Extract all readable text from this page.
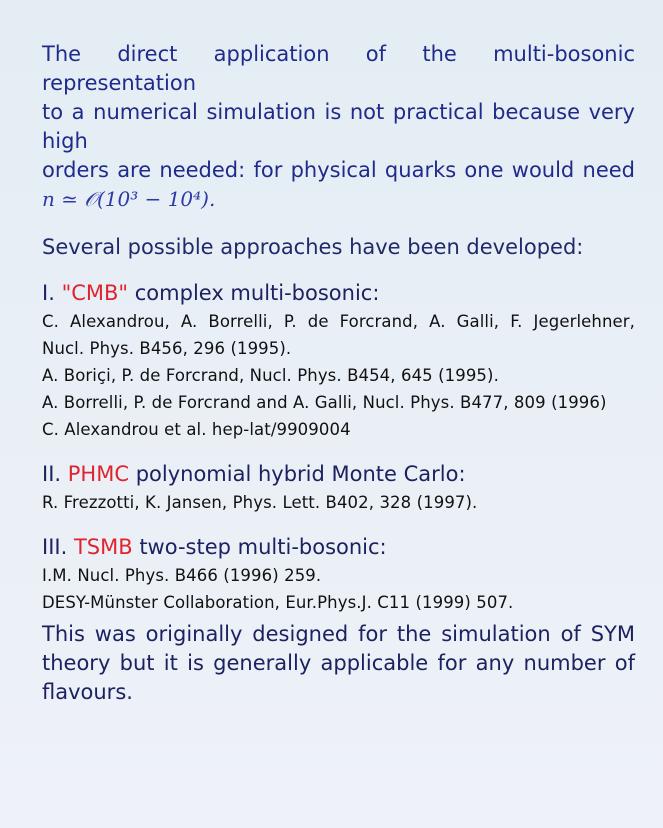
The direct application of the multi-bosonic representation
to a numerical simulation is not practical because very high
orders are needed: for physical quarks one would need
n ≃ 𝒪(10³ − 10⁴).

Several possible approaches have been developed:

I. "CMB" complex multi-bosonic:
C. Alexandrou, A. Borrelli, P. de Forcrand, A. Galli, F. Jegerlehner,
Nucl. Phys. B456, 296 (1995).
A. Boriçi, P. de Forcrand, Nucl. Phys. B454, 645 (1995).
A. Borrelli, P. de Forcrand and A. Galli, Nucl. Phys. B477, 809 (1996)
C. Alexandrou et al. hep-lat/9909004
II. PHMC polynomial hybrid Monte Carlo:
R. Frezzotti, K. Jansen, Phys. Lett. B402, 328 (1997).
III. TSMB two-step multi-bosonic:
I.M. Nucl. Phys. B466 (1996) 259.
DESY-Münster Collaboration, Eur.Phys.J. C11 (1999) 507.

This was originally designed for the simulation of SYM
theory but it is generally applicable for any number of
flavours.
